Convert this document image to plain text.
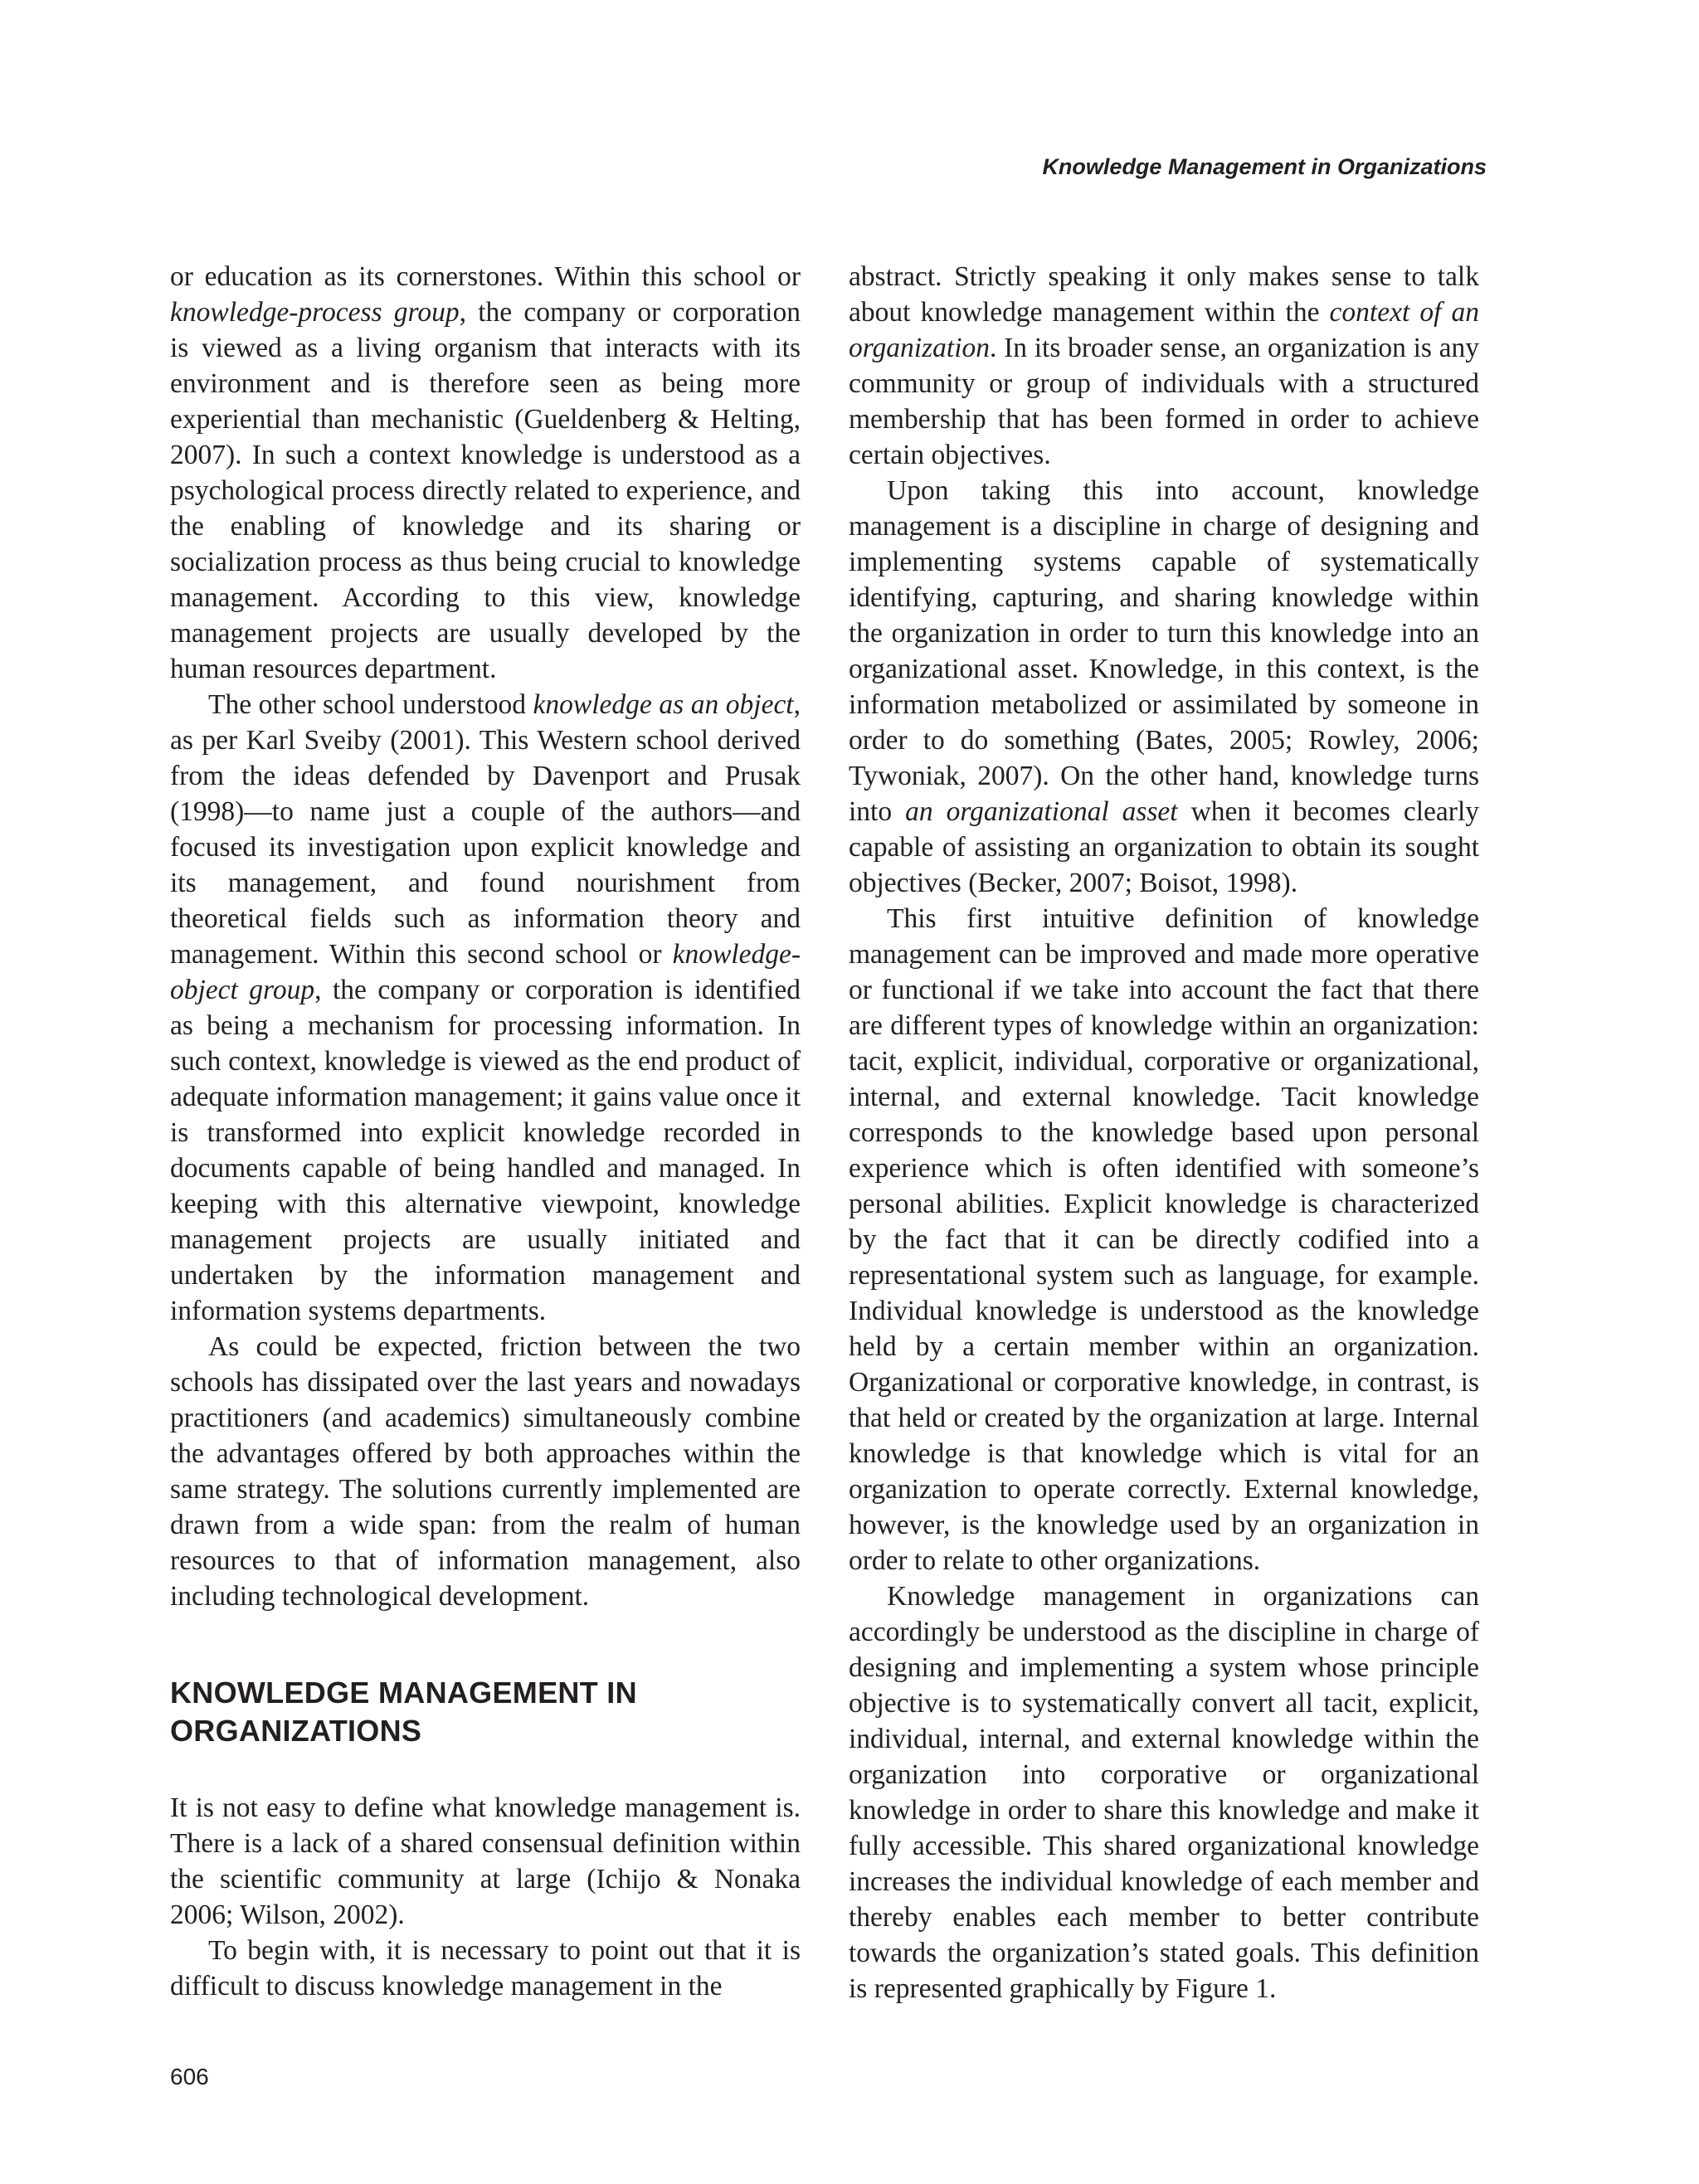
Knowledge Management in Organizations

or education as its cornerstones. Within this school or knowledge-process group, the company or corporation is viewed as a living organism that interacts with its environment and is therefore seen as being more experiential than mechanistic (Gueldenberg & Helting, 2007). In such a context knowledge is understood as a psychological process directly related to experience, and the enabling of knowledge and its sharing or socialization process as thus being crucial to knowledge management. According to this view, knowledge management projects are usually developed by the human resources department.

The other school understood knowledge as an object, as per Karl Sveiby (2001). This Western school derived from the ideas defended by Davenport and Prusak (1998)—to name just a couple of the authors—and focused its investigation upon explicit knowledge and its management, and found nourishment from theoretical fields such as information theory and management. Within this second school or knowledge-object group, the company or corporation is identified as being a mechanism for processing information. In such context, knowledge is viewed as the end product of adequate information management; it gains value once it is transformed into explicit knowledge recorded in documents capable of being handled and managed. In keeping with this alternative viewpoint, knowledge management projects are usually initiated and undertaken by the information management and information systems departments.

As could be expected, friction between the two schools has dissipated over the last years and nowadays practitioners (and academics) simultaneously combine the advantages offered by both approaches within the same strategy. The solutions currently implemented are drawn from a wide span: from the realm of human resources to that of information management, also including technological development.

KNOWLEDGE MANAGEMENT IN ORGANIZATIONS

It is not easy to define what knowledge management is. There is a lack of a shared consensual definition within the scientific community at large (Ichijo & Nonaka 2006; Wilson, 2002).

To begin with, it is necessary to point out that it is difficult to discuss knowledge management in the

abstract. Strictly speaking it only makes sense to talk about knowledge management within the context of an organization. In its broader sense, an organization is any community or group of individuals with a structured membership that has been formed in order to achieve certain objectives.

Upon taking this into account, knowledge management is a discipline in charge of designing and implementing systems capable of systematically identifying, capturing, and sharing knowledge within the organization in order to turn this knowledge into an organizational asset. Knowledge, in this context, is the information metabolized or assimilated by someone in order to do something (Bates, 2005; Rowley, 2006; Tywoniak, 2007). On the other hand, knowledge turns into an organizational asset when it becomes clearly capable of assisting an organization to obtain its sought objectives (Becker, 2007; Boisot, 1998).

This first intuitive definition of knowledge management can be improved and made more operative or functional if we take into account the fact that there are different types of knowledge within an organization: tacit, explicit, individual, corporative or organizational, internal, and external knowledge. Tacit knowledge corresponds to the knowledge based upon personal experience which is often identified with someone’s personal abilities. Explicit knowledge is characterized by the fact that it can be directly codified into a representational system such as language, for example. Individual knowledge is understood as the knowledge held by a certain member within an organization. Organizational or corporative knowledge, in contrast, is that held or created by the organization at large. Internal knowledge is that knowledge which is vital for an organization to operate correctly. External knowledge, however, is the knowledge used by an organization in order to relate to other organizations.

Knowledge management in organizations can accordingly be understood as the discipline in charge of designing and implementing a system whose principle objective is to systematically convert all tacit, explicit, individual, internal, and external knowledge within the organization into corporative or organizational knowledge in order to share this knowledge and make it fully accessible. This shared organizational knowledge increases the individual knowledge of each member and thereby enables each member to better contribute towards the organization’s stated goals. This definition is represented graphically by Figure 1.

606
